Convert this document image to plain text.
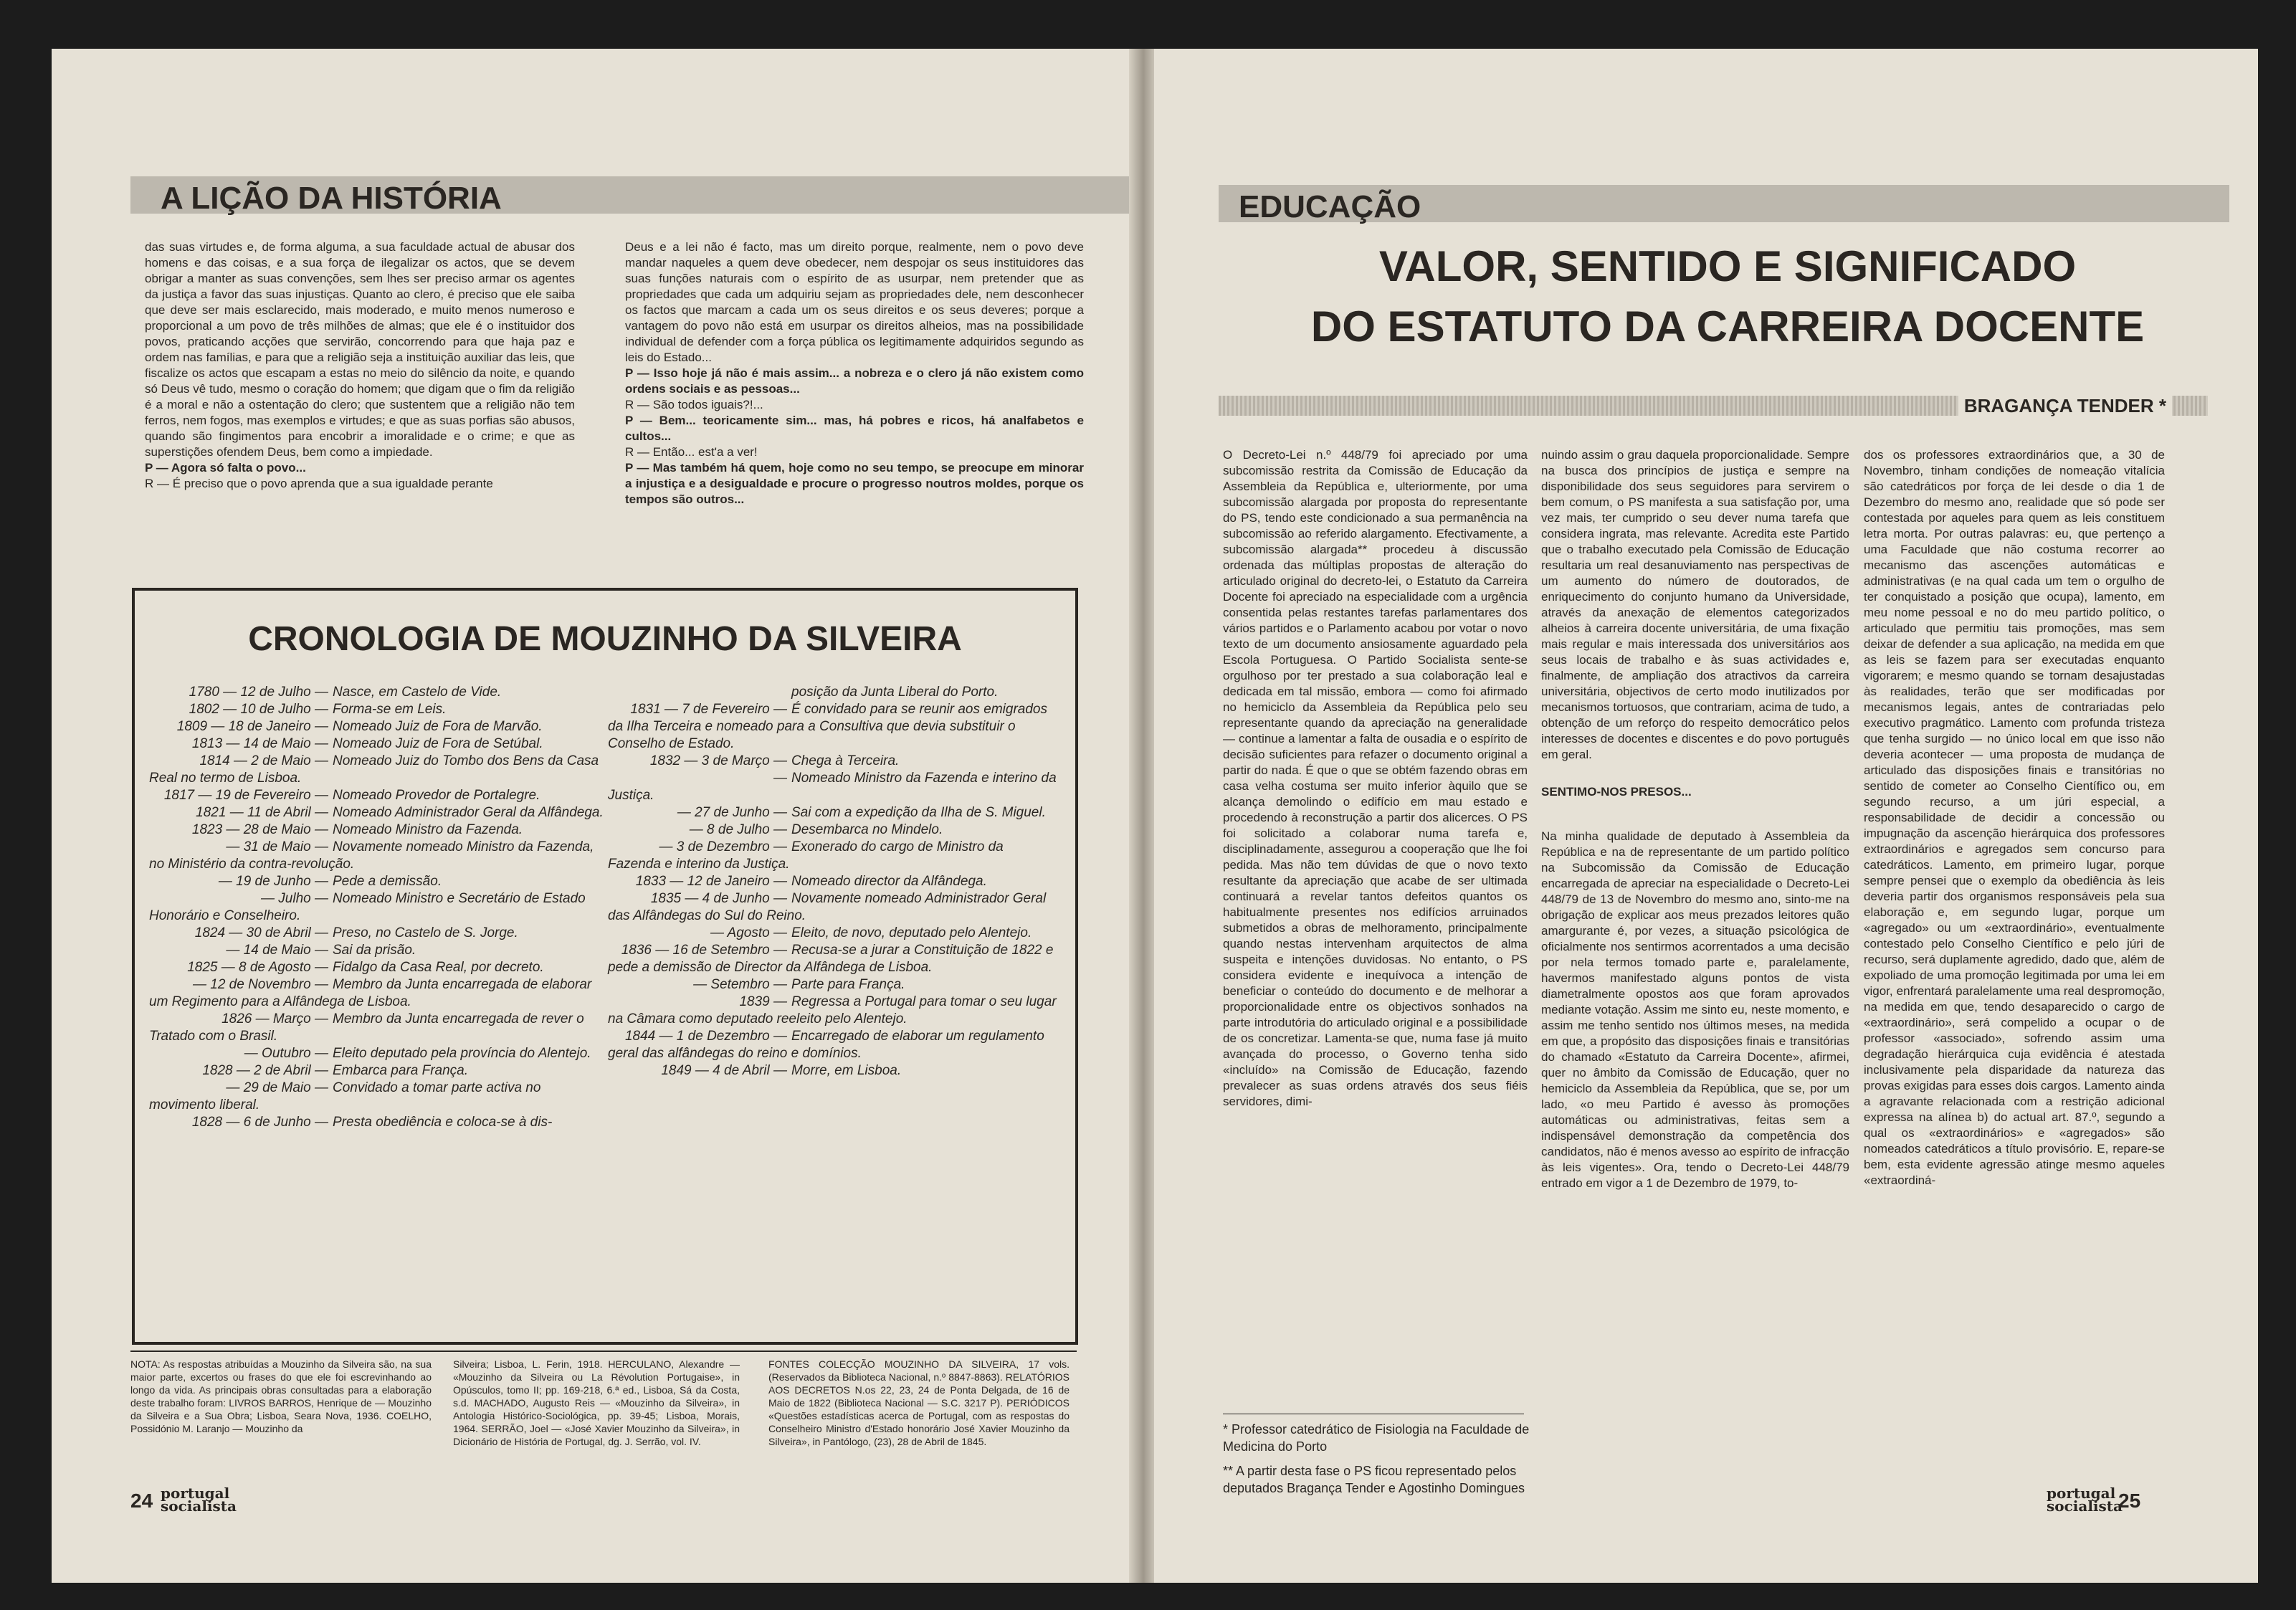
A LIÇÃO DA HISTÓRIA

das suas virtudes e, de forma alguma, a sua faculdade actual de abusar dos homens e das coisas, e a sua força de ilegalizar os actos, que se devem obrigar a manter as suas convenções, sem lhes ser preciso armar os agentes da justiça a favor das suas injustiças. Quanto ao clero, é preciso que ele saiba que deve ser mais esclarecido, mais moderado, e muito menos numeroso e proporcional a um povo de três milhões de almas; que ele é o instituidor dos povos, praticando acções que servirão, concorrendo para que haja paz e ordem nas famílias, e para que a religião seja a instituição auxiliar das leis, que fiscalize os actos que escapam a estas no meio do silêncio da noite, e quando só Deus vê tudo, mesmo o coração do homem; que digam que o fim da religião é a moral e não a ostentação do clero; que sustentem que a religião não tem ferros, nem fogos, mas exemplos e virtudes; e que as suas porfias são abusos, quando são fingimentos para encobrir a imoralidade e o crime; e que as superstições ofendem Deus, bem como a impiedade.

P — Agora só falta o povo...

R — É preciso que o povo aprenda que a sua igualdade perante

Deus e a lei não é facto, mas um direito porque, realmente, nem o povo deve mandar naqueles a quem deve obedecer, nem despojar os seus instituidores das suas funções naturais com o espírito de as usurpar, nem pretender que as propriedades que cada um adquiriu sejam as propriedades dele, nem desconhecer os factos que marcam a cada um os seus direitos e os seus deveres; porque a vantagem do povo não está em usurpar os direitos alheios, mas na possibilidade individual de defender com a força pública os legitimamente adquiridos segundo as leis do Estado...

P — Isso hoje já não é mais assim... a nobreza e o clero já não existem como ordens sociais e as pessoas...

R — São todos iguais?!...

P — Bem... teoricamente sim... mas, há pobres e ricos, há analfabetos e cultos...

R — Então... est'a a ver!

P — Mas também há quem, hoje como no seu tempo, se preocupe em minorar a injustiça e a desigualdade e procure o progresso noutros moldes, porque os tempos são outros...

CRONOLOGIA DE MOUZINHO DA SILVEIRA
1780 — 12 de Julho — Nasce, em Castelo de Vide.
1802 — 10 de Julho — Forma-se em Leis.
1809 — 18 de Janeiro — Nomeado Juiz de Fora de Marvão.
1813 — 14 de Maio — Nomeado Juiz de Fora de Setúbal.
1814 — 2 de Maio — Nomeado Juiz do Tombo dos Bens da Casa Real no termo de Lisboa.
1817 — 19 de Fevereiro — Nomeado Provedor de Portalegre.
1821 — 11 de Abril — Nomeado Administrador Geral da Alfândega.
1823 — 28 de Maio — Nomeado Ministro da Fazenda.
— 31 de Maio — Novamente nomeado Ministro da Fazenda, no Ministério da contra-revolução.
— 19 de Junho — Pede a demissão.
— Julho — Nomeado Ministro e Secretário de Estado Honorário e Conselheiro.
1824 — 30 de Abril — Preso, no Castelo de S. Jorge.
— 14 de Maio — Sai da prisão.
1825 — 8 de Agosto — Fidalgo da Casa Real, por decreto.
— 12 de Novembro — Membro da Junta encarregada de elaborar um Regimento para a Alfândega de Lisboa.
1826 — Março — Membro da Junta encarregada de rever o Tratado com o Brasil.
— Outubro — Eleito deputado pela província do Alentejo.
1828 — 2 de Abril — Embarca para França.
— 29 de Maio — Convidado a tomar parte activa no movimento liberal.
1828 — 6 de Junho — Presta obediência e coloca-se à dis-
posição da Junta Liberal do Porto.
1831 — 7 de Fevereiro — É convidado para se reunir aos emigrados da Ilha Terceira e nomeado para a Consultiva que devia substituir o Conselho de Estado.
1832 — 3 de Março — Chega à Terceira.
— Nomeado Ministro da Fazenda e interino da Justiça.
— 27 de Junho — Sai com a expedição da Ilha de S. Miguel.
— 8 de Julho — Desembarca no Mindelo.
— 3 de Dezembro — Exonerado do cargo de Ministro da Fazenda e interino da Justiça.
1833 — 12 de Janeiro — Nomeado director da Alfândega.
1835 — 4 de Junho — Novamente nomeado Administrador Geral das Alfândegas do Sul do Reino.
— Agosto — Eleito, de novo, deputado pelo Alentejo.
1836 — 16 de Setembro — Recusa-se a jurar a Constituição de 1822 e pede a demissão de Director da Alfândega de Lisboa.
— Setembro — Parte para França.
1839 — Regressa a Portugal para tomar o seu lugar na Câmara como deputado reeleito pelo Alentejo.
1844 — 1 de Dezembro — Encarregado de elaborar um regulamento geral das alfândegas do reino e domínios.
1849 — 4 de Abril — Morre, em Lisboa.

NOTA: As respostas atribuídas a Mouzinho da Silveira são, na sua maior parte, excertos ou frases do que ele foi escrevinhando ao longo da vida. As principais obras consultadas para a elaboração deste trabalho foram: LIVROS BARROS, Henrique de — Mouzinho da Silveira e a Sua Obra; Lisboa, Seara Nova, 1936. COELHO, Possidónio M. Laranjo — Mouzinho da

Silveira; Lisboa, L. Ferin, 1918. HERCULANO, Alexandre — «Mouzinho da Silveira ou La Révolution Portugaise», in Opúsculos, tomo II; pp. 169-218, 6.ª ed., Lisboa, Sá da Costa, s.d. MACHADO, Augusto Reis — «Mouzinho da Silveira», in Antologia Histórico-Sociológica, pp. 39-45; Lisboa, Morais, 1964. SERRÃO, Joel — «José Xavier Mouzinho da Silveira», in Dicionário de História de Portugal, dg. J. Serrão, vol. IV.

FONTES COLECÇÃO MOUZINHO DA SILVEIRA, 17 vols. (Reservados da Biblioteca Nacional, n.º 8847-8863). RELATÓRIOS AOS DECRETOS N.os 22, 23, 24 de Ponta Delgada, de 16 de Maio de 1822 (Biblioteca Nacional — S.C. 3217 P). PERIÓDICOS «Questões estadísticas acerca de Portugal, com as respostas do Conselheiro Ministro d'Estado honorário José Xavier Mouzinho da Silveira», in Pantólogo, (23), 28 de Abril de 1845.

24 portugal
socialista
EDUCAÇÃO
VALOR, SENTIDO E SIGNIFICADO
DO ESTATUTO DA CARREIRA DOCENTE
BRAGANÇA TENDER *

O Decreto-Lei n.º 448/79 foi apreciado por uma subcomissão restrita da Comissão de Educação da Assembleia da República e, ulteriormente, por uma subcomissão alargada por proposta do representante do PS, tendo este condicionado a sua permanência na subcomissão ao referido alargamento. Efectivamente, a subcomissão alargada** procedeu à discussão ordenada das múltiplas propostas de alteração do articulado original do decreto-lei, o Estatuto da Carreira Docente foi apreciado na especialidade com a urgência consentida pelas restantes tarefas parlamentares dos vários partidos e o Parlamento acabou por votar o novo texto de um documento ansiosamente aguardado pela Escola Portuguesa. O Partido Socialista sente-se orgulhoso por ter prestado a sua colaboração leal e dedicada em tal missão, embora — como foi afirmado no hemiciclo da Assembleia da República pelo seu representante quando da apreciação na generalidade — continue a lamentar a falta de ousadia e o espírito de decisão suficientes para refazer o documento original a partir do nada. É que o que se obtém fazendo obras em casa velha costuma ser muito inferior àquilo que se alcança demolindo o edifício em mau estado e procedendo à reconstrução a partir dos alicerces. O PS foi solicitado a colaborar numa tarefa e, disciplinadamente, assegurou a cooperação que lhe foi pedida. Mas não tem dúvidas de que o novo texto resultante da apreciação que acabe de ser ultimada continuará a revelar tantos defeitos quantos os habitualmente presentes nos edifícios arruinados submetidos a obras de melhoramento, principalmente quando nestas intervenham arquitectos de alma suspeita e intenções duvidosas. No entanto, o PS considera evidente e inequívoca a intenção de beneficiar o conteúdo do documento e de melhorar a proporcionalidade entre os objectivos sonhados na parte introdutória do articulado original e a possibilidade de os concretizar. Lamenta-se que, numa fase já muito avançada do processo, o Governo tenha sido «incluído» na Comissão de Educação, fazendo prevalecer as suas ordens através dos seus fiéis servidores, dimi-

* Professor catedrático de Fisiologia na Faculdade de Medicina do Porto

** A partir desta fase o PS ficou representado pelos deputados Bragança Tender e Agostinho Domingues

nuindo assim o grau daquela proporcionalidade. Sempre na busca dos princípios de justiça e sempre na disponibilidade dos seus seguidores para servirem o bem comum, o PS manifesta a sua satisfação por, uma vez mais, ter cumprido o seu dever numa tarefa que considera ingrata, mas relevante. Acredita este Partido que o trabalho executado pela Comissão de Educação resultaria um real desanuviamento nas perspectivas de um aumento do número de doutorados, de enriquecimento do conjunto humano da Universidade, através da anexação de elementos categorizados alheios à carreira docente universitária, de uma fixação mais regular e mais interessada dos universitários aos seus locais de trabalho e às suas actividades e, finalmente, de ampliação dos atractivos da carreira universitária, objectivos de certo modo inutilizados por mecanismos tortuosos, que contrariam, acima de tudo, a obtenção de um reforço do respeito democrático pelos interesses de docentes e discentes e do povo português em geral.

SENTIMO-NOS PRESOS...

Na minha qualidade de deputado à Assembleia da República e na de representante de um partido político na Subcomissão da Comissão de Educação encarregada de apreciar na especialidade o Decreto-Lei 448/79 de 13 de Novembro do mesmo ano, sinto-me na obrigação de explicar aos meus prezados leitores quão amargurante é, por vezes, a situação psicológica de oficialmente nos sentirmos acorrentados a uma decisão por nela termos tomado parte e, paralelamente, havermos manifestado alguns pontos de vista diametralmente opostos aos que foram aprovados mediante votação. Assim me sinto eu, neste momento, e assim me tenho sentido nos últimos meses, na medida em que, a propósito das disposições finais e transitórias do chamado «Estatuto da Carreira Docente», afirmei, quer no âmbito da Comissão de Educação, quer no hemiciclo da Assembleia da República, que se, por um lado, «o meu Partido é avesso às promoções automáticas ou administrativas, feitas sem a indispensável demonstração da competência dos candidatos, não é menos avesso ao espírito de infracção às leis vigentes». Ora, tendo o Decreto-Lei 448/79 entrado em vigor a 1 de Dezembro de 1979, to-

dos os professores extraordinários que, a 30 de Novembro, tinham condições de nomeação vitalícia são catedráticos por força de lei desde o dia 1 de Dezembro do mesmo ano, realidade que só pode ser contestada por aqueles para quem as leis constituem letra morta. Por outras palavras: eu, que pertenço a uma Faculdade que não costuma recorrer ao mecanismo das ascenções automáticas e administrativas (e na qual cada um tem o orgulho de ter conquistado a posição que ocupa), lamento, em meu nome pessoal e no do meu partido político, o articulado que permitiu tais promoções, mas sem deixar de defender a sua aplicação, na medida em que as leis se fazem para ser executadas enquanto vigorarem; e mesmo quando se tornam desajustadas às realidades, terão que ser modificadas por mecanismos legais, antes de contrariadas pelo executivo pragmático. Lamento com profunda tristeza que tenha surgido — no único local em que isso não deveria acontecer — uma proposta de mudança de articulado das disposições finais e transitórias no sentido de cometer ao Conselho Científico ou, em segundo recurso, a um júri especial, a responsabilidade de decidir a concessão ou impugnação da ascenção hierárquica dos professores extraordinários e agregados sem concurso para catedráticos. Lamento, em primeiro lugar, porque sempre pensei que o exemplo da obediência às leis deveria partir dos organismos responsáveis pela sua elaboração e, em segundo lugar, porque um «agregado» ou um «extraordinário», eventualmente contestado pelo Conselho Científico e pelo júri de recurso, será duplamente agredido, dado que, além de expoliado de uma promoção legitimada por uma lei em vigor, enfrentará paralelamente uma real despromoção, na medida em que, tendo desaparecido o cargo de «extraordinário», será compelido a ocupar o de professor «associado», sofrendo assim uma degradação hierárquica cuja evidência é atestada inclusivamente pela disparidade da natureza das provas exigidas para esses dois cargos. Lamento ainda a agravante relacionada com a restrição adicional expressa na alínea b) do actual art. 87.º, segundo a qual os «extraordinários» e «agregados» são nomeados catedráticos a título provisório. E, repare-se bem, esta evidente agressão atinge mesmo aqueles «extraordiná-

portugal
socialista
25
